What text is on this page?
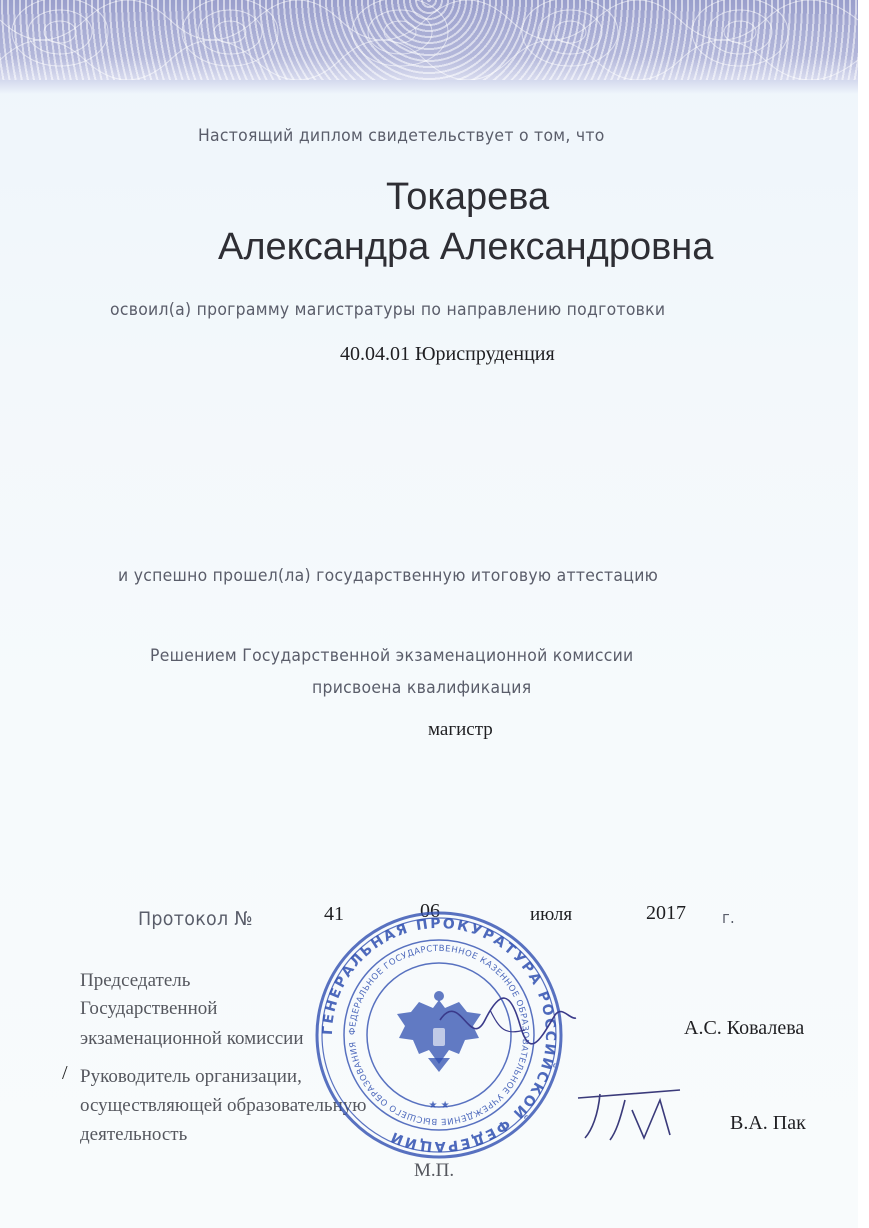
Настоящий диплом свидетельствует о том, что
Токарева
Александра Александровна
освоил(а) программу магистратуры по направлению подготовки
40.04.01 Юриспруденция
и успешно прошел(ла) государственную итоговую аттестацию
Решением Государственной экзаменационной комиссии
присвоена квалификация
магистр
Протокол №	41	06	июля	2017 г.
Председатель
Государственной
экзаменационной комиссии	А.С. Ковалева
/ Руководитель организации,
осуществляющей образовательную
деятельность
В.А. Пак
М.П.
ГЕНЕРАЛЬНАЯ ПРОКУРАТУРА РОССИЙСКОЙ ФЕДЕРАЦИИ
ФЕДЕРАЛЬНОЕ ГОСУДАРСТВЕННОЕ КАЗЕННОЕ ОБРАЗОВАТЕЛЬНОЕ УЧРЕЖДЕНИЕ ВЫСШЕГО ОБРАЗОВАНИЯ
★ ★
